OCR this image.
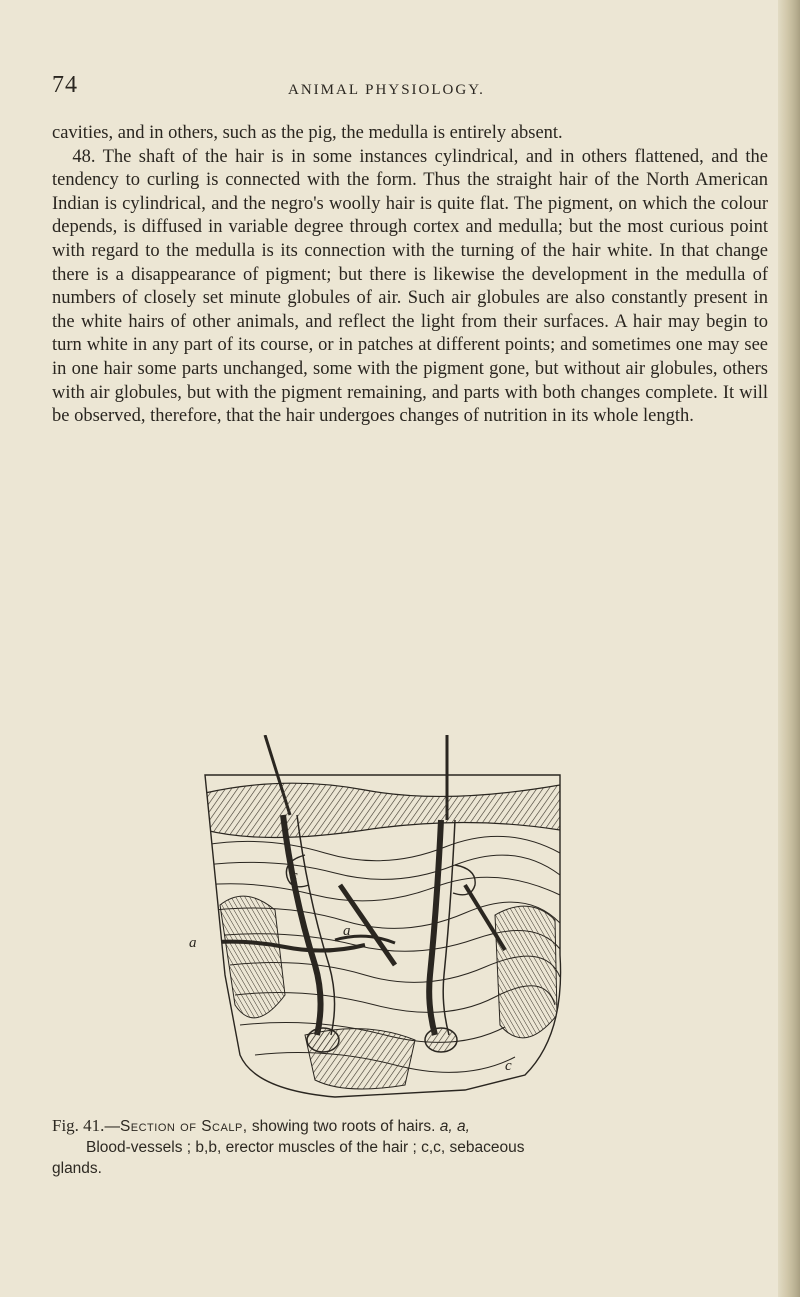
74	ANIMAL PHYSIOLOGY.

cavities, and in others, such as the pig, the medulla is entirely absent.

48. The shaft of the hair is in some instances cylindrical, and in others flattened, and the tendency to curling is connected with the form. Thus the straight hair of the North American Indian is cylindrical, and the negro's woolly hair is quite flat. The pigment, on which the colour depends, is diffused in variable degree through cortex and medulla; but the most curious point with regard to the medulla is its connection with the turning of the hair white. In that change there is a disappearance of pigment; but there is likewise the development in the medulla of numbers of closely set minute globules of air. Such air globules are also constantly present in the white hairs of other animals, and reflect the light from their surfaces. A hair may begin to turn white in any part of its course, or in patches at different points; and sometimes one may see in one hair some parts unchanged, some with the pigment gone, but without air globules, others with air globules, but with the pigment remaining, and parts with both changes complete. It will be observed, therefore, that the hair undergoes changes of nutrition in its whole length.

a
a
c
c
Fig. 41.—Section of Scalp, showing two roots of hairs. a, a,
Blood-vessels ; b,b, erector muscles of the hair ; c,c, sebaceous
glands.
